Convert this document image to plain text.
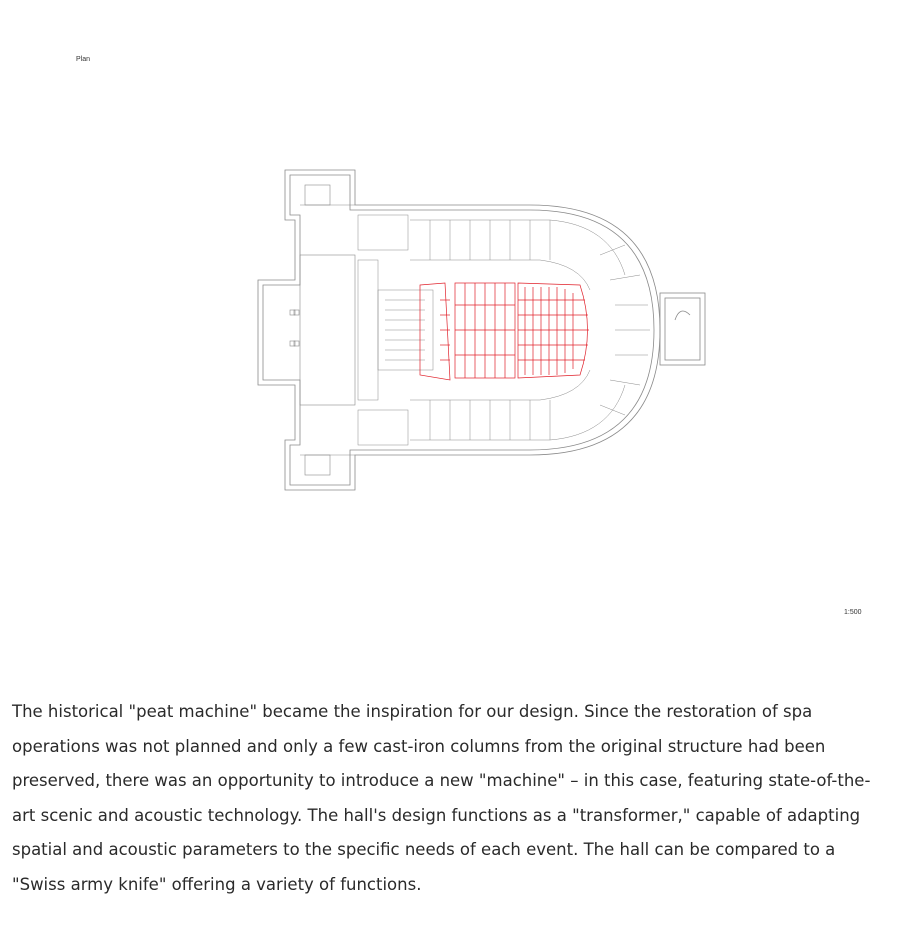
Plan
1:500

The historical "peat machine" became the inspiration for our design. Since the restoration of spa operations was not planned and only a few cast-iron columns from the original structure had been preserved, there was an opportunity to introduce a new "machine" – in this case, featuring state-of-the-art scenic and acoustic technology. The hall's design functions as a "transformer," capable of adapting spatial and acoustic parameters to the specific needs of each event. The hall can be compared to a "Swiss army knife" offering a variety of functions.
